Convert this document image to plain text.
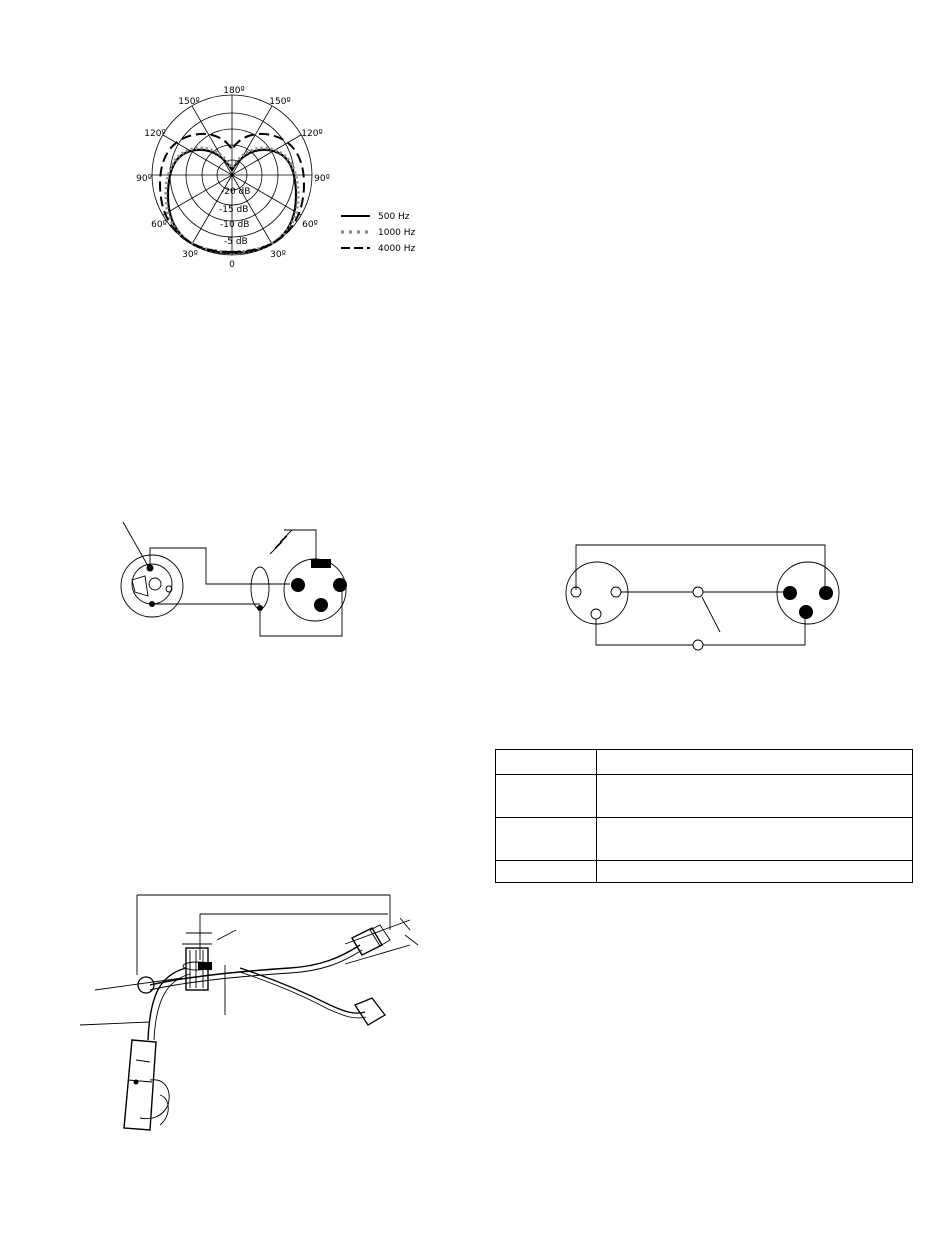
180º
150º	150º
120º	120º
90º	90º
60º	60º
30º	30º
0
-20 dB
-15 dB
-10 dB
-5 dB
500 Hz
1000 Hz
4000 Hz
